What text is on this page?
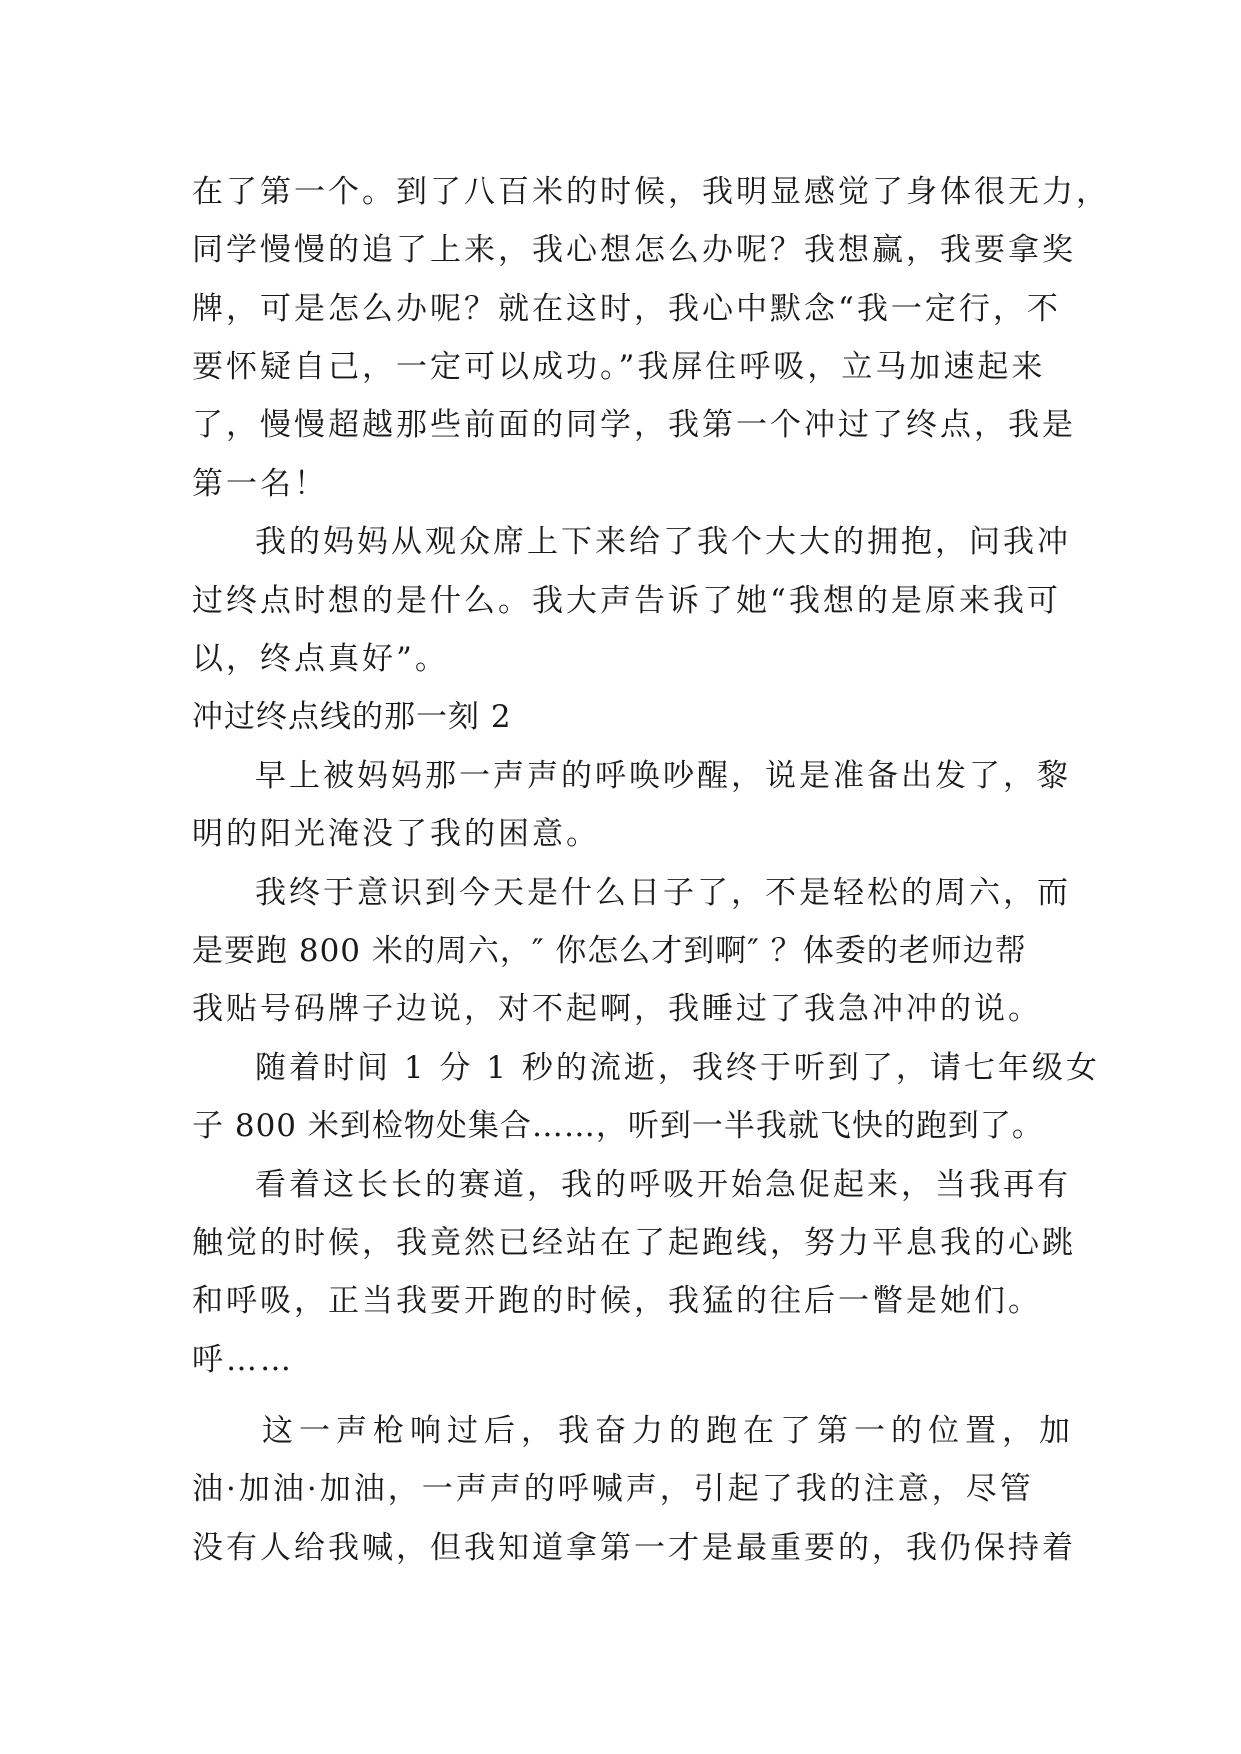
在了第一个。到了八百米的时候，我明显感觉了身体很无力，
同学慢慢的追了上来，我心想怎么办呢？我想赢，我要拿奖
牌，可是怎么办呢？就在这时，我心中默念“我一定行，不
要怀疑自己，一定可以成功。”我屏住呼吸，立马加速起来
了，慢慢超越那些前面的同学，我第一个冲过了终点，我是
第一名！
我的妈妈从观众席上下来给了我个大大的拥抱，问我冲
过终点时想的是什么。我大声告诉了她“我想的是原来我可
以，终点真好”。
冲过终点线的那一刻 2
早上被妈妈那一声声的呼唤吵醒，说是准备出发了，黎
明的阳光淹没了我的困意。
我终于意识到今天是什么日子了，不是轻松的周六，而
是要跑 800 米的周六，″ 你怎么才到啊″ ？体委的老师边帮
我贴号码牌子边说，对不起啊，我睡过了我急冲冲的说。
随着时间 1 分 1 秒的流逝，我终于听到了，请七年级女
子 800 米到检物处集合……，听到一半我就飞快的跑到了。
看着这长长的赛道，我的呼吸开始急促起来，当我再有
触觉的时候，我竟然已经站在了起跑线，努力平息我的心跳
和呼吸，正当我要开跑的时候，我猛的往后一瞥是她们。
呼……
这一声枪响过后，我奋力的跑在了第一的位置，加
油·加油·加油，一声声的呼喊声，引起了我的注意，尽管
没有人给我喊，但我知道拿第一才是最重要的，我仍保持着
